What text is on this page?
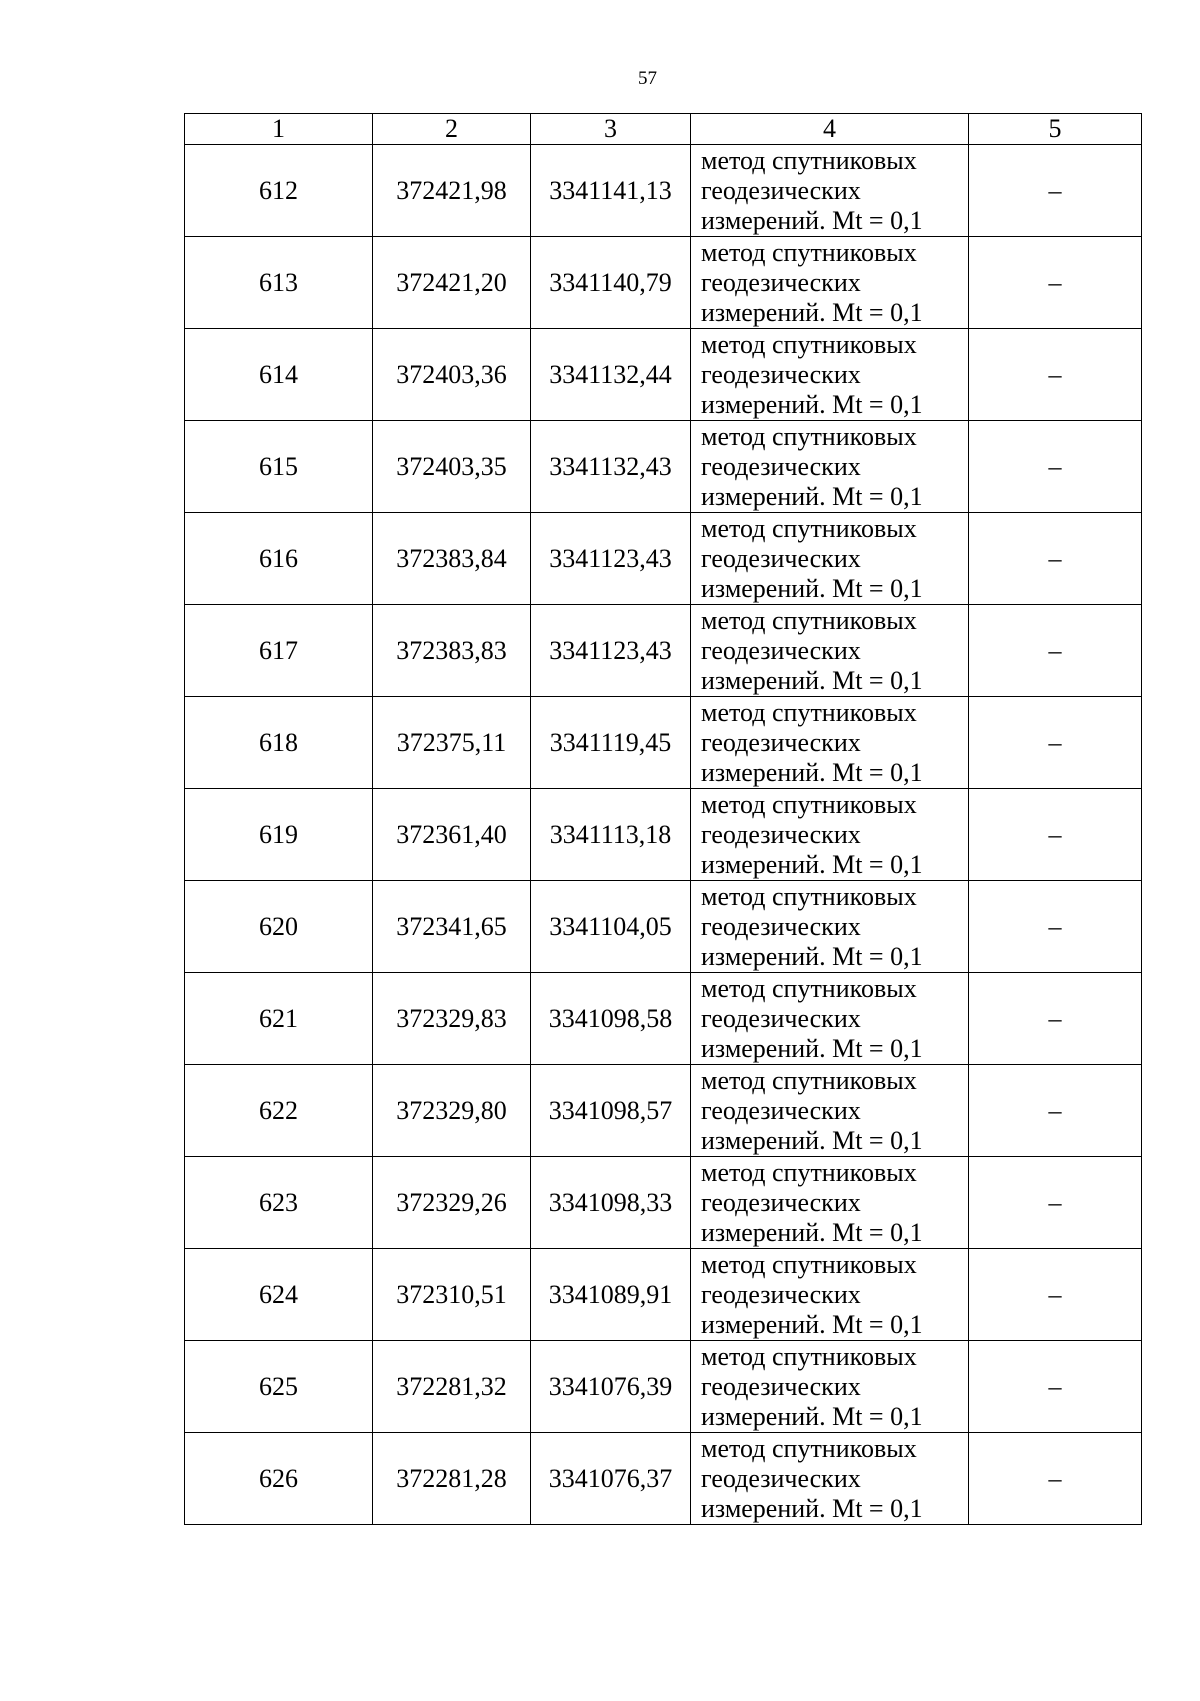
57
1	2	3	4	5
612	372421,98	3341141,13	метод спутниковых
геодезических
измерений. Mt = 0,1	–
613	372421,20	3341140,79	метод спутниковых
геодезических
измерений. Mt = 0,1	–
614	372403,36	3341132,44	метод спутниковых
геодезических
измерений. Mt = 0,1	–
615	372403,35	3341132,43	метод спутниковых
геодезических
измерений. Mt = 0,1	–
616	372383,84	3341123,43	метод спутниковых
геодезических
измерений. Mt = 0,1	–
617	372383,83	3341123,43	метод спутниковых
геодезических
измерений. Mt = 0,1	–
618	372375,11	3341119,45	метод спутниковых
геодезических
измерений. Mt = 0,1	–
619	372361,40	3341113,18	метод спутниковых
геодезических
измерений. Mt = 0,1	–
620	372341,65	3341104,05	метод спутниковых
геодезических
измерений. Mt = 0,1	–
621	372329,83	3341098,58	метод спутниковых
геодезических
измерений. Mt = 0,1	–
622	372329,80	3341098,57	метод спутниковых
геодезических
измерений. Mt = 0,1	–
623	372329,26	3341098,33	метод спутниковых
геодезических
измерений. Mt = 0,1	–
624	372310,51	3341089,91	метод спутниковых
геодезических
измерений. Mt = 0,1	–
625	372281,32	3341076,39	метод спутниковых
геодезических
измерений. Mt = 0,1	–
626	372281,28	3341076,37	метод спутниковых
геодезических
измерений. Mt = 0,1	–
